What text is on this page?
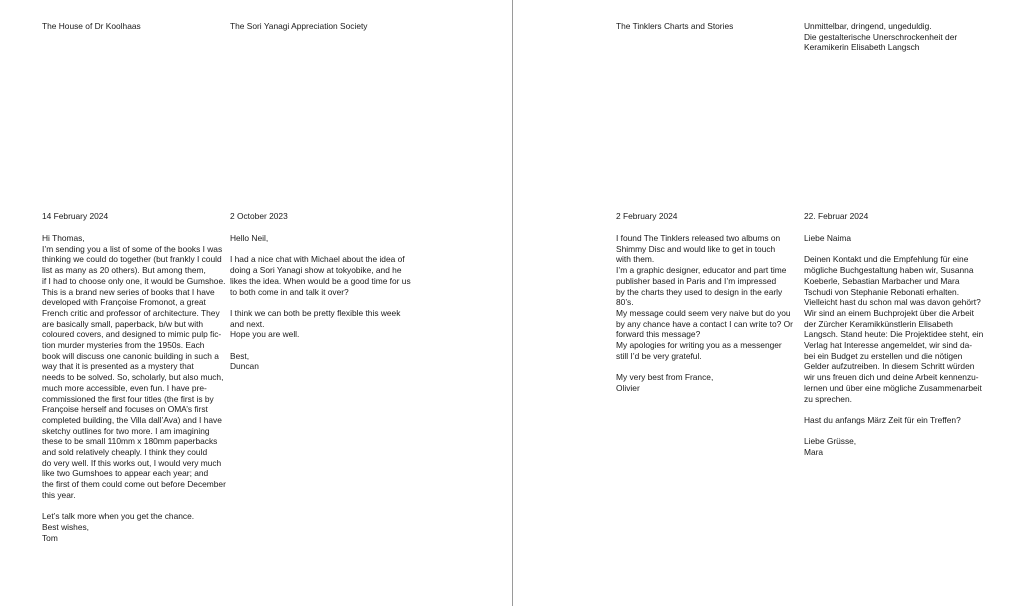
The House of Dr Koolhaas
14 February 2024
Hi Thomas,
I’m sending you a list of some of the books I was
thinking we could do together (but frankly I could
list as many as 20 others). But among them,
if I had to choose only one, it would be Gumshoe.
This is a brand new series of books that I have
developed with Françoise Fromonot, a great
French critic and professor of architecture. They
are basically small, paperback, b/w but with
coloured covers, and designed to mimic pulp fic-
tion murder mysteries from the 1950s. Each
book will discuss one canonic building in such a
way that it is presented as a mystery that
needs to be solved. So, scholarly, but also much,
much more accessible, even fun. I have pre-
commissioned the first four titles (the first is by
Françoise herself and focuses on OMA’s first
completed building, the Villa dall’Ava) and I have
sketchy outlines for two more. I am imagining
these to be small 110mm x 180mm paperbacks
and sold relatively cheaply. I think they could
do very well. If this works out, I would very much
like two Gumshoes to appear each year; and
the first of them could come out before December
this year.

Let’s talk more when you get the chance.
Best wishes,
Tom
The Sori Yanagi Appreciation Society
2 October 2023
Hello Neil,

I had a nice chat with Michael about the idea of
doing a Sori Yanagi show at tokyobike, and he
likes the idea. When would be a good time for us
to both come in and talk it over?

I think we can both be pretty flexible this week
and next.
Hope you are well.

Best,
Duncan
The Tinklers Charts and Stories
2 February 2024
I found The Tinklers released two albums on
Shimmy Disc and would like to get in touch
with them.
I’m a graphic designer, educator and part time
publisher based in Paris and I’m impressed
by the charts they used to design in the early 80’s.
My message could seem very naive but do you
by any chance have a contact I can write to? Or
forward this message?
My apologies for writing you as a messenger
still I’d be very grateful.

My very best from France,
Olivier
Unmittelbar, dringend, ungeduldig.
Die gestalterische Unerschrockenheit der
Keramikerin Elisabeth Langsch
22. Februar 2024
Liebe Naima

Deinen Kontakt und die Empfehlung für eine
mögliche Buchgestaltung haben wir, Susanna
Koeberle, Sebastian Marbacher und Mara
Tschudi von Stephanie Rebonati erhalten.
Vielleicht hast du schon mal was davon gehört?
Wir sind an einem Buchprojekt über die Arbeit
der Zürcher Keramikkünstlerin Elisabeth
Langsch. Stand heute: Die Projektidee steht, ein
Verlag hat Interesse angemeldet, wir sind da-
bei ein Budget zu erstellen und die nötigen
Gelder aufzutreiben. In diesem Schritt würden
wir uns freuen dich und deine Arbeit kennenzu-
lernen und über eine mögliche Zusammenarbeit
zu sprechen.

Hast du anfangs März Zeit für ein Treffen?

Liebe Grüsse,
Mara
